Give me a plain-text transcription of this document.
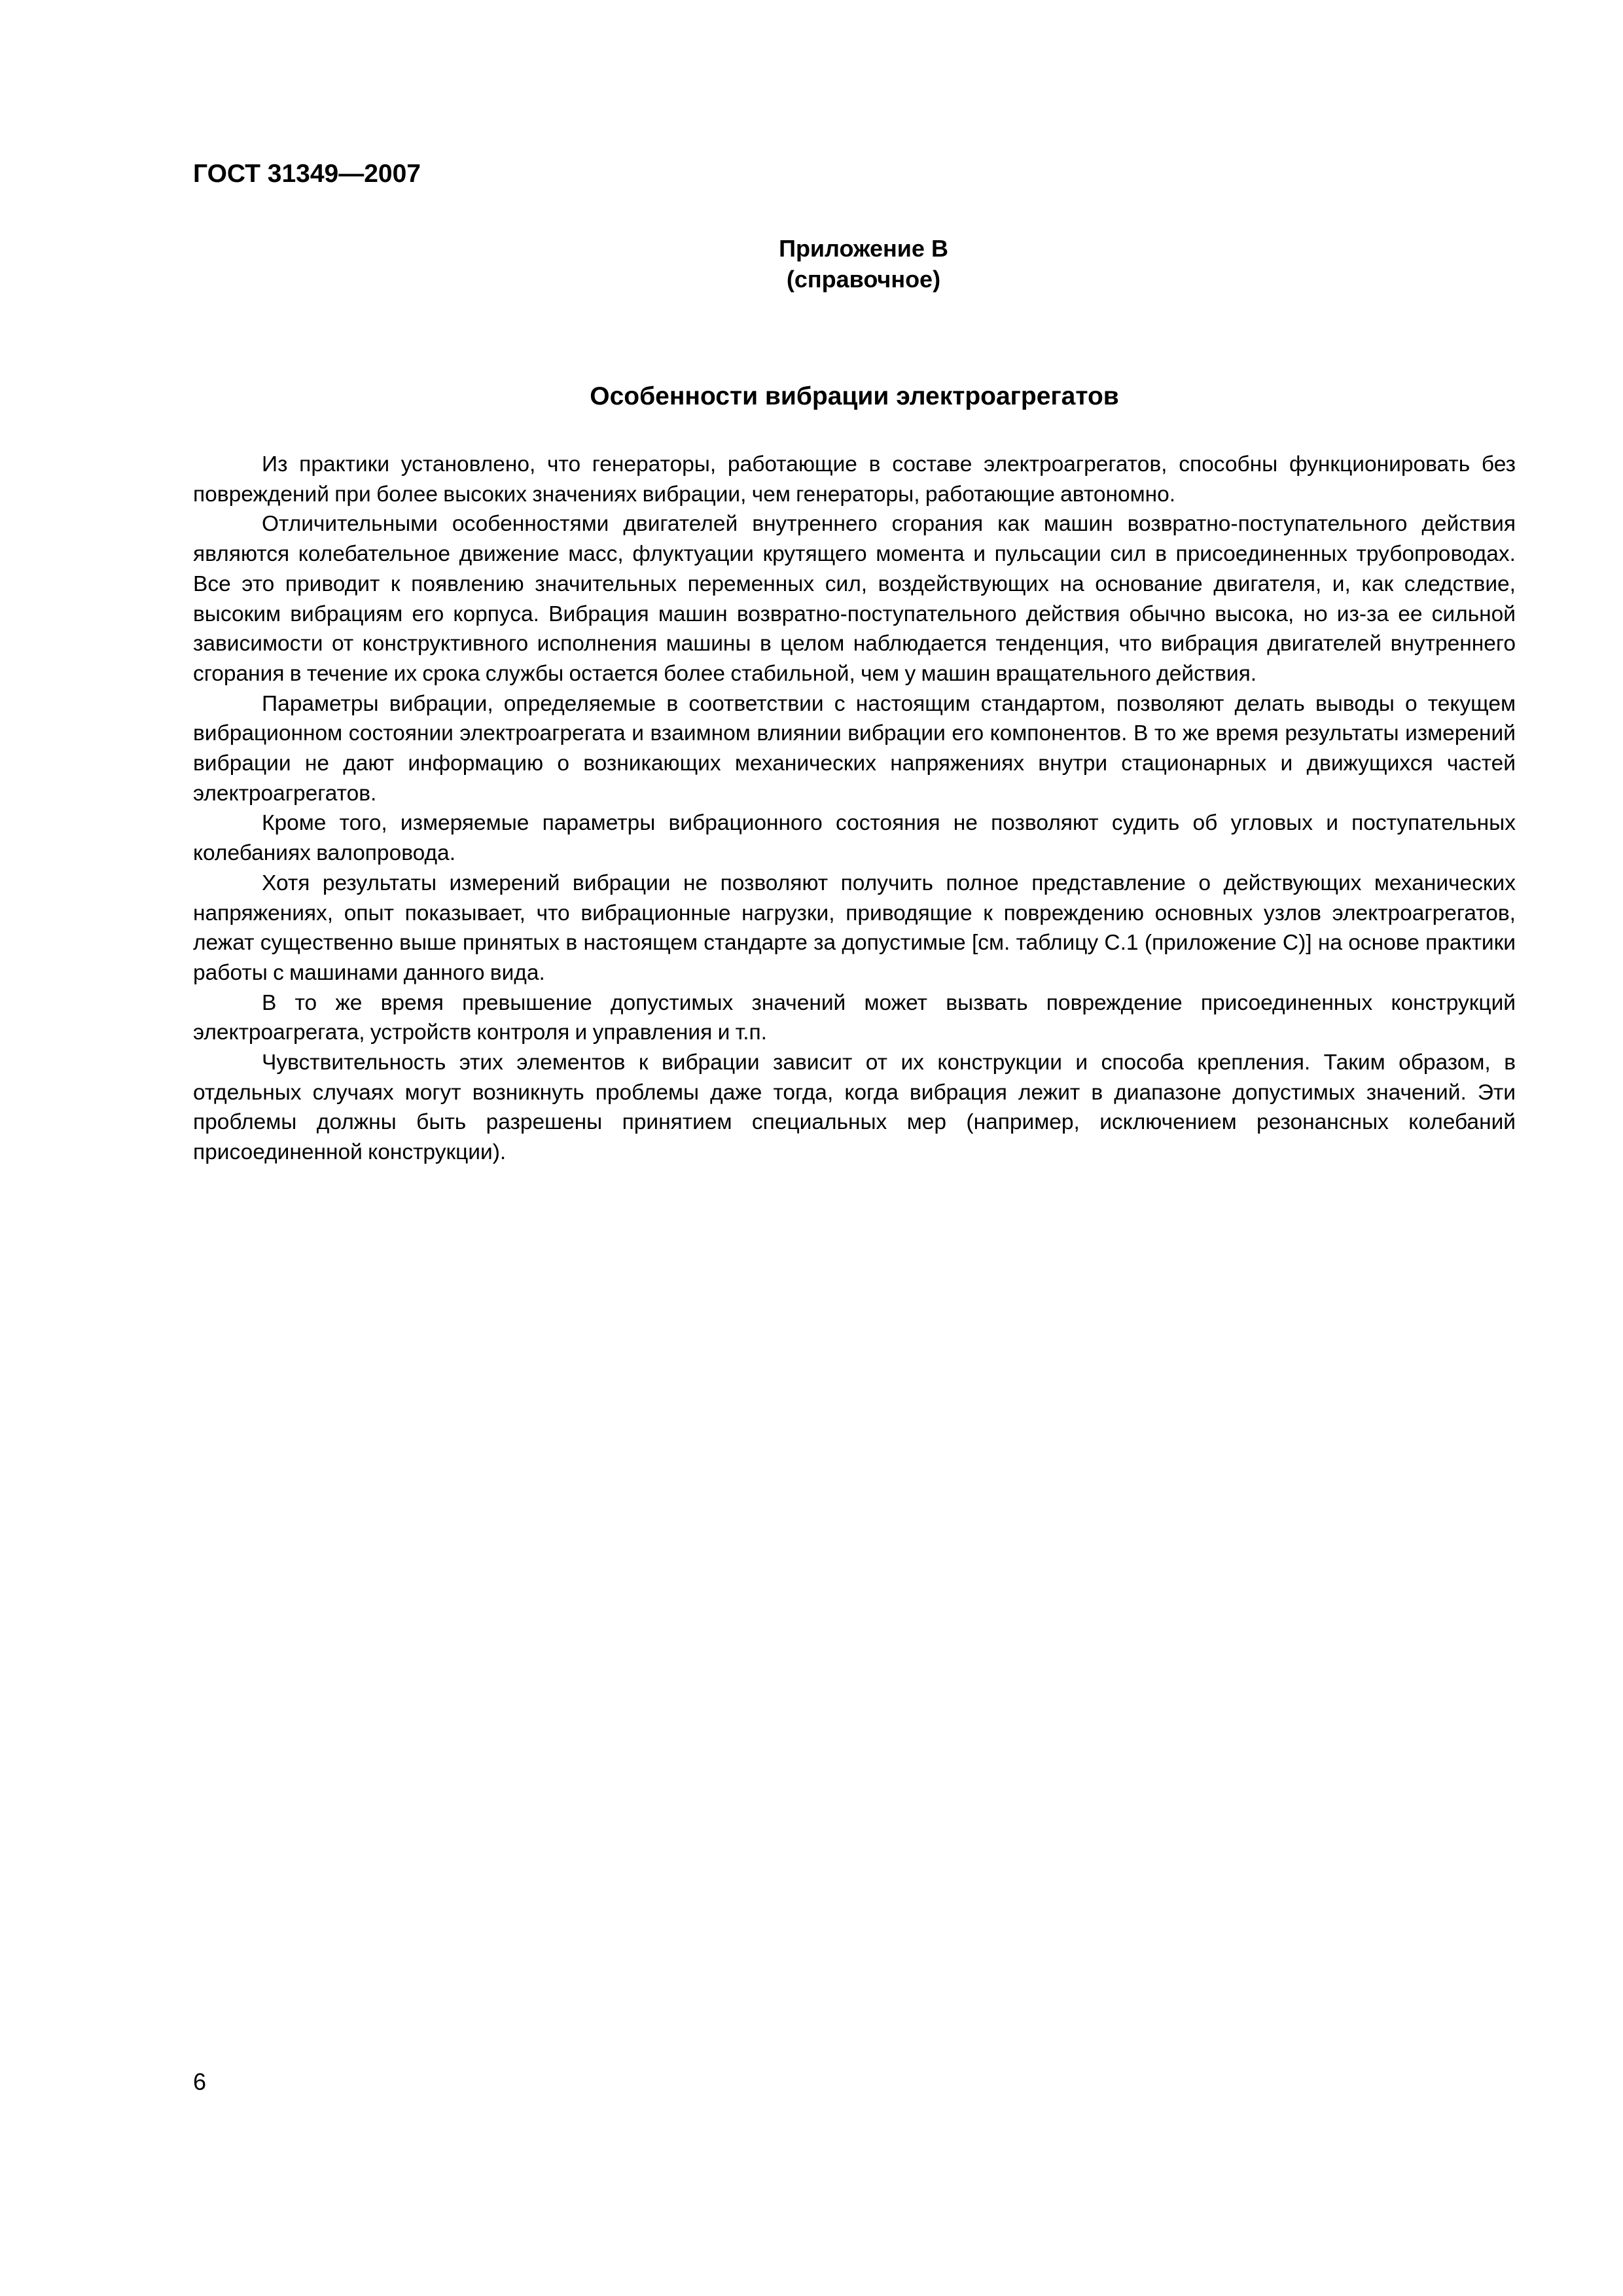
ГОСТ 31349—2007
Приложение В
(справочное)
Особенности вибрации электроагрегатов

Из практики установлено, что генераторы, работающие в составе электроагрегатов, способны функционировать без повреждений при более высоких значениях вибрации, чем генераторы, работающие автономно.

Отличительными особенностями двигателей внутреннего сгорания как машин возвратно-поступательного действия являются колебательное движение масс, флуктуации крутящего момента и пульсации сил в присоединенных трубопроводах. Все это приводит к появлению значительных переменных сил, воздействующих на основание двигателя, и, как следствие, высоким вибрациям его корпуса. Вибрация машин возвратно-поступательного действия обычно высока, но из-за ее сильной зависимости от конструктивного исполнения машины в целом наблюдается тенденция, что вибрация двигателей внутреннего сгорания в течение их срока службы остается более стабильной, чем у машин вращательного действия.

Параметры вибрации, определяемые в соответствии с настоящим стандартом, позволяют делать выводы о текущем вибрационном состоянии электроагрегата и взаимном влиянии вибрации его компонентов. В то же время результаты измерений вибрации не дают информацию о возникающих механических напряжениях внутри стационарных и движущихся частей электроагрегатов.

Кроме того, измеряемые параметры вибрационного состояния не позволяют судить об угловых и поступательных колебаниях валопровода.

Хотя результаты измерений вибрации не позволяют получить полное представление о действующих механических напряжениях, опыт показывает, что вибрационные нагрузки, приводящие к повреждению основных узлов электроагрегатов, лежат существенно выше принятых в настоящем стандарте за допустимые [см. таблицу С.1 (приложение С)] на основе практики работы с машинами данного вида.

В то же время превышение допустимых значений может вызвать повреждение присоединенных конструкций электроагрегата, устройств контроля и управления и т.п.

Чувствительность этих элементов к вибрации зависит от их конструкции и способа крепления. Таким образом, в отдельных случаях могут возникнуть проблемы даже тогда, когда вибрация лежит в диапазоне допустимых значений. Эти проблемы должны быть разрешены принятием специальных мер (например, исключением резонансных колебаний присоединенной конструкции).

6
